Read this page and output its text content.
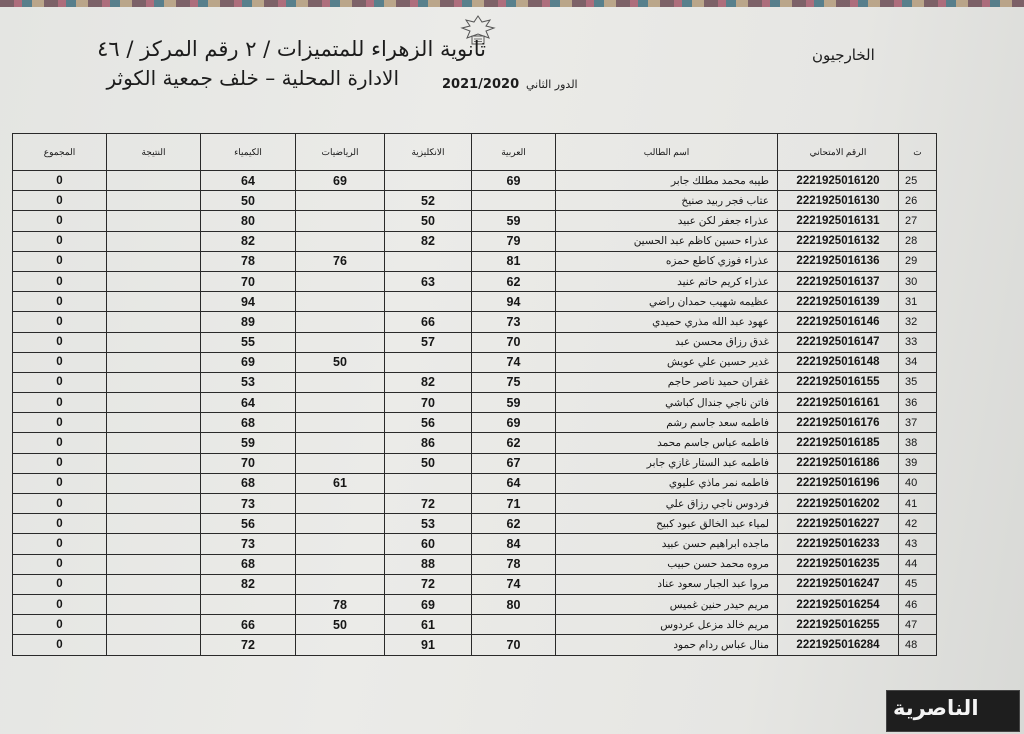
ثانوية الزهراء للمتميزات / ٢ رقم المركز / ٤٦
الادارة المحلية – خلف جمعية الكوثر
الخارجيون
الدور الثاني
2021/2020
المجموع	النتيجة	الكيمياء	الرياضيات	الانكليزية	العربية	اسم الطالب	الرقم الامتحاني	ت
0		64	69		69	طيبه محمد مطلك جابر	2221925016120	25
0		50		52		عتاب فجر ربيد صنيخ	2221925016130	26
0		80		50	59	عذراء جعفر لكن عبيد	2221925016131	27
0		82		82	79	عذراء حسين كاظم عبد الحسين	2221925016132	28
0		78	76		81	عذراء فوزي كاطع حمزه	2221925016136	29
0		70		63	62	عذراء كريم حاتم عنيد	2221925016137	30
0		94			94	عظيمه شهيب حمدان راضي	2221925016139	31
0		89		66	73	عهود عبد الله مذري حميدي	2221925016146	32
0		55		57	70	غدق رزاق محسن عبد	2221925016147	33
0		69	50		74	غدير حسين علي عويش	2221925016148	34
0		53		82	75	غفران حميد ناصر حاجم	2221925016155	35
0		64		70	59	فاتن ناجي جندال كباشي	2221925016161	36
0		68		56	69	فاطمه سعد جاسم رشم	2221925016176	37
0		59		86	62	فاطمه عباس جاسم محمد	2221925016185	38
0		70		50	67	فاطمه عبد الستار غازي جابر	2221925016186	39
0		68	61		64	فاطمه نمر ماذي عليوي	2221925016196	40
0		73		72	71	فردوس ناجي رزاق علي	2221925016202	41
0		56		53	62	لمياء عبد الخالق عبود كبيح	2221925016227	42
0		73		60	84	ماجده ابراهيم حسن عبيد	2221925016233	43
0		68		88	78	مروه محمد حسن حبيب	2221925016235	44
0		82		72	74	مروا عبد الجبار سعود عناد	2221925016247	45
0			78	69	80	مريم حيدر حنين غميس	2221925016254	46
0		66	50	61		مريم خالد مزعل عردوس	2221925016255	47
0		72		91	70	منال عباس ردام حمود	2221925016284	48
الناصرية
